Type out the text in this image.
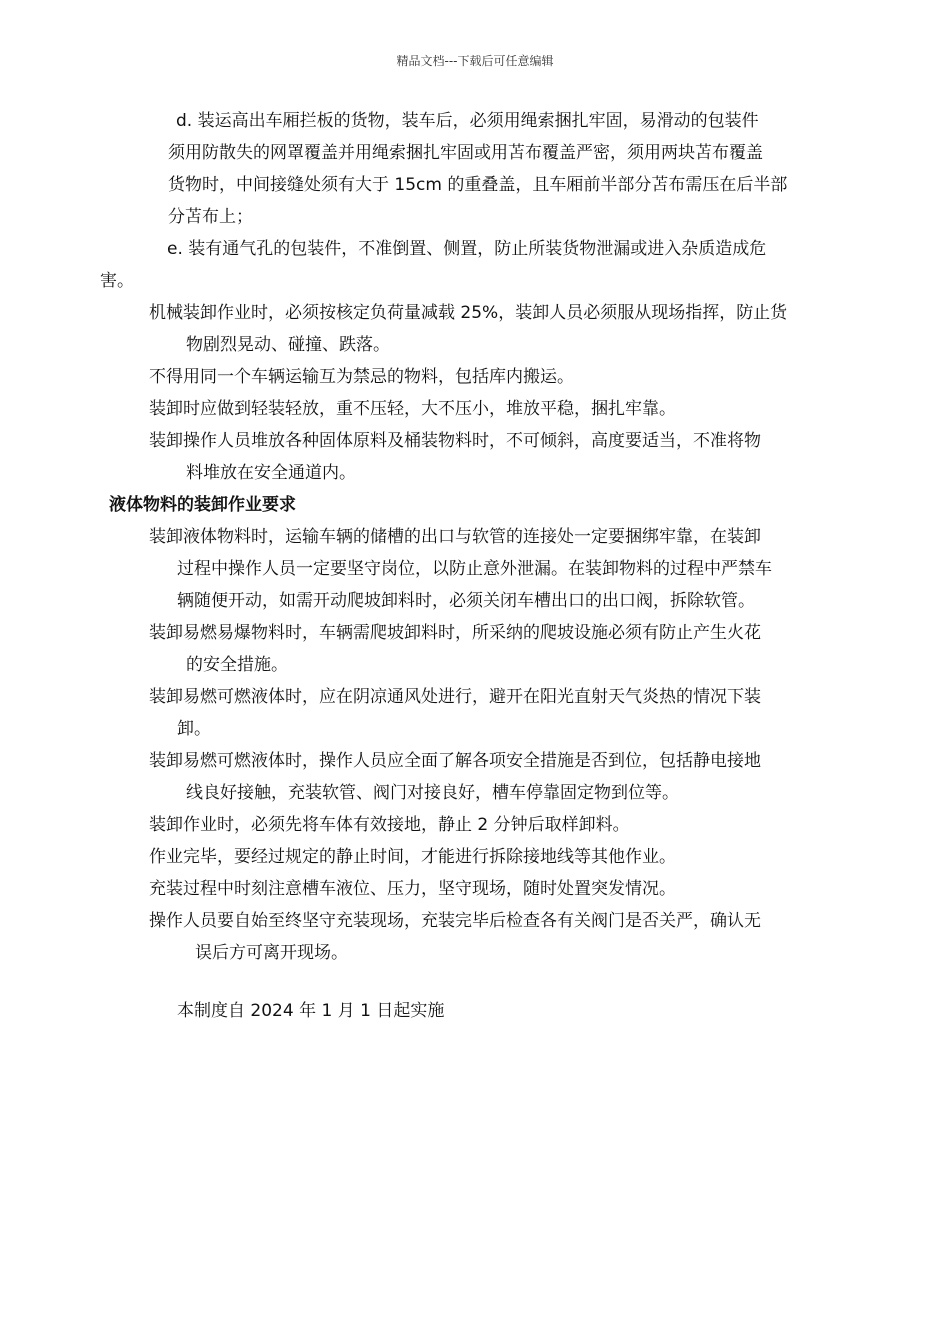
精品文档---下载后可任意编辑
d. 装运高出车厢拦板的货物，装车后，必须用绳索捆扎牢固，易滑动的包装件
须用防散失的网罩覆盖并用绳索捆扎牢固或用苫布覆盖严密，须用两块苫布覆盖
货物时，中间接缝处须有大于 15cm 的重叠盖，且车厢前半部分苫布需压在后半部
分苫布上；
e. 装有通气孔的包装件，不准倒置、侧置，防止所装货物泄漏或进入杂质造成危
害。
机械装卸作业时，必须按核定负荷量减载 25%，装卸人员必须服从现场指挥，防止货
物剧烈晃动、碰撞、跌落。
不得用同一个车辆运输互为禁忌的物料，包括库内搬运。
装卸时应做到轻装轻放，重不压轻，大不压小，堆放平稳，捆扎牢靠。
装卸操作人员堆放各种固体原料及桶装物料时，不可倾斜，高度要适当，不准将物
料堆放在安全通道内。
液体物料的装卸作业要求
装卸液体物料时，运输车辆的储槽的出口与软管的连接处一定要捆绑牢靠，在装卸
过程中操作人员一定要坚守岗位，以防止意外泄漏。在装卸物料的过程中严禁车
辆随便开动，如需开动爬坡卸料时，必须关闭车槽出口的出口阀，拆除软管。
装卸易燃易爆物料时，车辆需爬坡卸料时，所采纳的爬坡设施必须有防止产生火花
的安全措施。
装卸易燃可燃液体时，应在阴凉通风处进行，避开在阳光直射天气炎热的情况下装
卸。
装卸易燃可燃液体时，操作人员应全面了解各项安全措施是否到位，包括静电接地
线良好接触，充装软管、阀门对接良好，槽车停靠固定物到位等。
装卸作业时，必须先将车体有效接地，静止 2 分钟后取样卸料。
作业完毕，要经过规定的静止时间，才能进行拆除接地线等其他作业。
充装过程中时刻注意槽车液位、压力，坚守现场，随时处置突发情况。
操作人员要自始至终坚守充装现场，充装完毕后检查各有关阀门是否关严，确认无
误后方可离开现场。
本制度自 2024 年 1 月 1 日起实施
